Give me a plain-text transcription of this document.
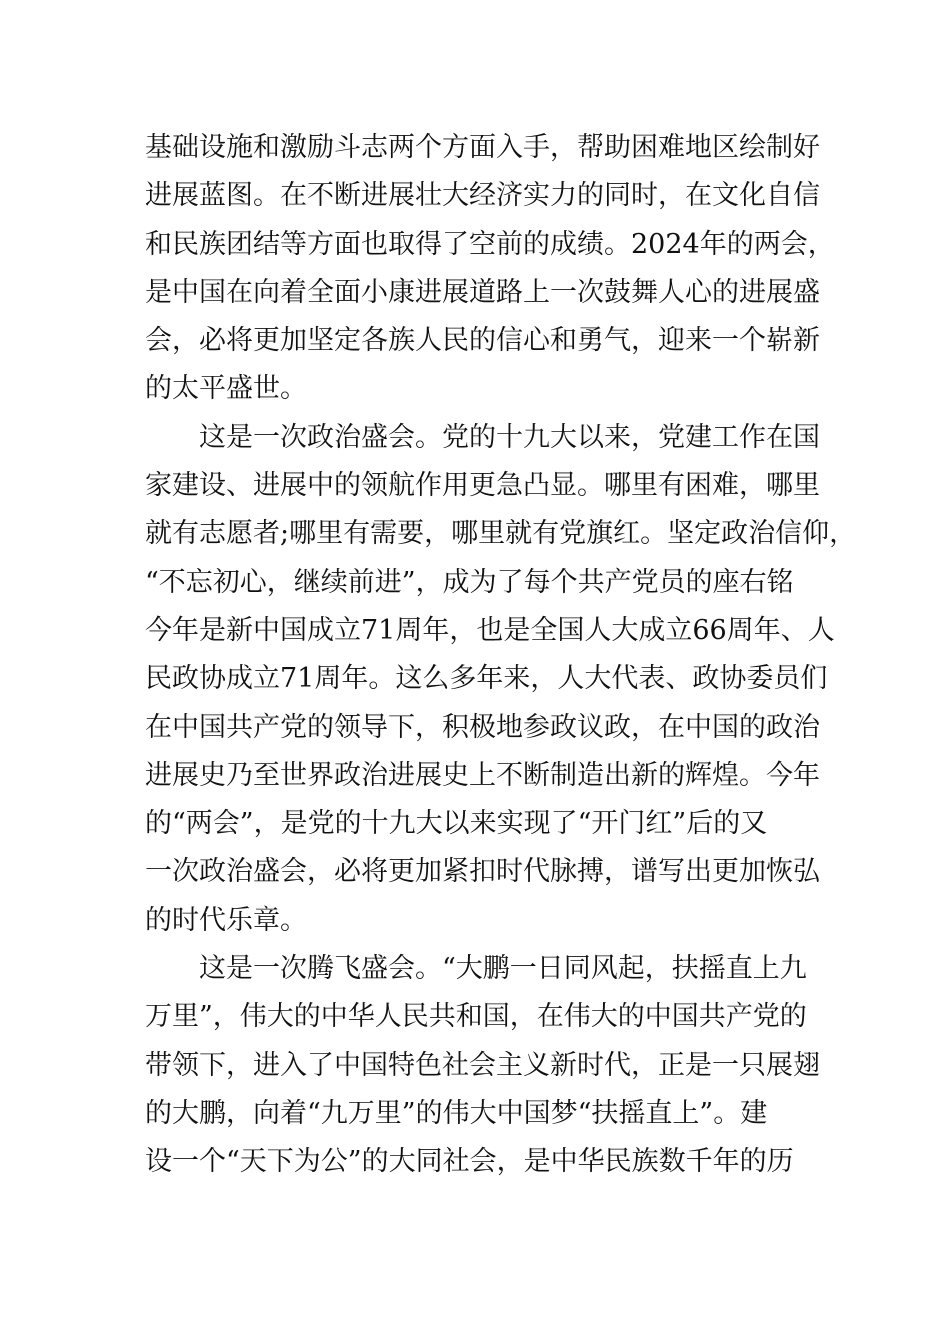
基础设施和激励斗志两个方面入手，帮助困难地区绘制好
进展蓝图。在不断进展壮大经济实力的同时，在文化自信
和民族团结等方面也取得了空前的成绩。2024年的两会，
是中国在向着全面小康进展道路上一次鼓舞人心的进展盛
会，必将更加坚定各族人民的信心和勇气，迎来一个崭新
的太平盛世。
这是一次政治盛会。党的十九大以来，党建工作在国
家建设、进展中的领航作用更急凸显。哪里有困难，哪里
就有志愿者;哪里有需要，哪里就有党旗红。坚定政治信仰，
“不忘初心，继续前进”，成为了每个共产党员的座右铭
今年是新中国成立71周年，也是全国人大成立66周年、人
民政协成立71周年。这么多年来，人大代表、政协委员们
在中国共产党的领导下，积极地参政议政，在中国的政治
进展史乃至世界政治进展史上不断制造出新的辉煌。今年
的“两会”，是党的十九大以来实现了“开门红”后的又
一次政治盛会，必将更加紧扣时代脉搏，谱写出更加恢弘
的时代乐章。
这是一次腾飞盛会。“大鹏一日同风起，扶摇直上九
万里”，伟大的中华人民共和国，在伟大的中国共产党的
带领下，进入了中国特色社会主义新时代，正是一只展翅
的大鹏，向着“九万里”的伟大中国梦“扶摇直上”。建
设一个“天下为公”的大同社会，是中华民族数千年的历
